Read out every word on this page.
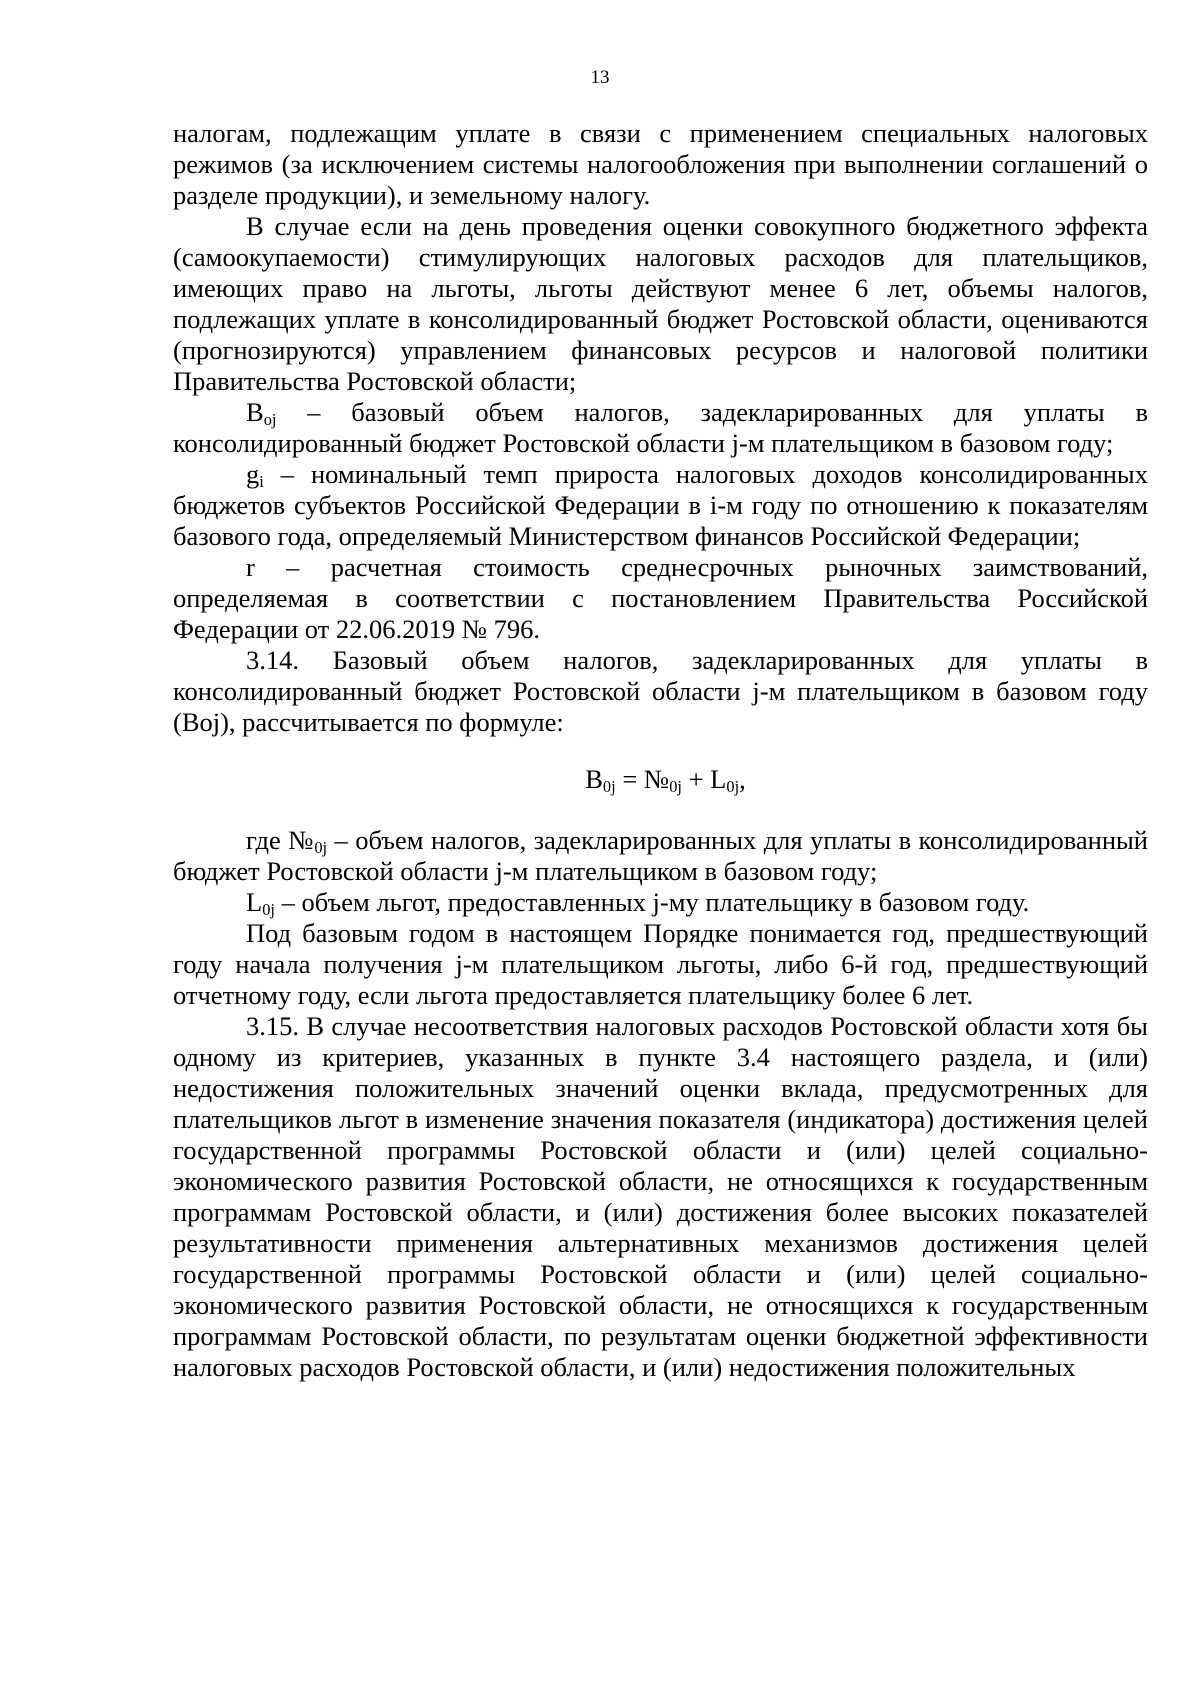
13

налогам, подлежащим уплате в связи с применением специальных налоговых режимов (за исключением системы налогообложения при выполнении соглашений о разделе продукции), и земельному налогу.

В случае если на день проведения оценки совокупного бюджетного эффекта (самоокупаемости) стимулирующих налоговых расходов для плательщиков, имеющих право на льготы, льготы действуют менее 6 лет, объемы налогов, подлежащих уплате в консолидированный бюджет Ростовской области, оцениваются (прогнозируются) управлением финансовых ресурсов и налоговой политики Правительства Ростовской области;

$B_{oj}$ – базовый объем налогов, задекларированных для уплаты в консолидированный бюджет Ростовской области j-м плательщиком в базовом году;

$g_i$ – номинальный темп прироста налоговых доходов консолидированных бюджетов субъектов Российской Федерации в i-м году по отношению к показателям базового года, определяемый Министерством финансов Российской Федерации;

r – расчетная стоимость среднесрочных рыночных заимствований, определяемая в соответствии с постановлением Правительства Российской Федерации от 22.06.2019 № 796.

3.14. Базовый объем налогов, задекларированных для уплаты в консолидированный бюджет Ростовской области j-м плательщиком в базовом году (Boj), рассчитывается по формуле:

$B_{0j}$ = $№_{0j} + L_{0j}$,

где $№_{0j}$ – объем налогов, задекларированных для уплаты в консолидированный бюджет Ростовской области j-м плательщиком в базовом году;

$L_{0j}$ – объем льгот, предоставленных j-му плательщику в базовом году.

Под базовым годом в настоящем Порядке понимается год, предшествующий году начала получения j-м плательщиком льготы, либо 6-й год, предшествующий отчетному году, если льгота предоставляется плательщику более 6 лет.

3.15. В случае несоответствия налоговых расходов Ростовской области хотя бы одному из критериев, указанных в пункте 3.4 настоящего раздела, и (или) недостижения положительных значений оценки вклада, предусмотренных для плательщиков льгот в изменение значения показателя (индикатора) достижения целей государственной программы Ростовской области и (или) целей социально-экономического развития Ростовской области, не относящихся к государственным программам Ростовской области, и (или) достижения более высоких показателей результативности применения альтернативных механизмов достижения целей государственной программы Ростовской области и (или) целей социально-экономического развития Ростовской области, не относящихся к государственным программам Ростовской области, по результатам оценки бюджетной эффективности налоговых расходов Ростовской области, и (или) недостижения положительных
